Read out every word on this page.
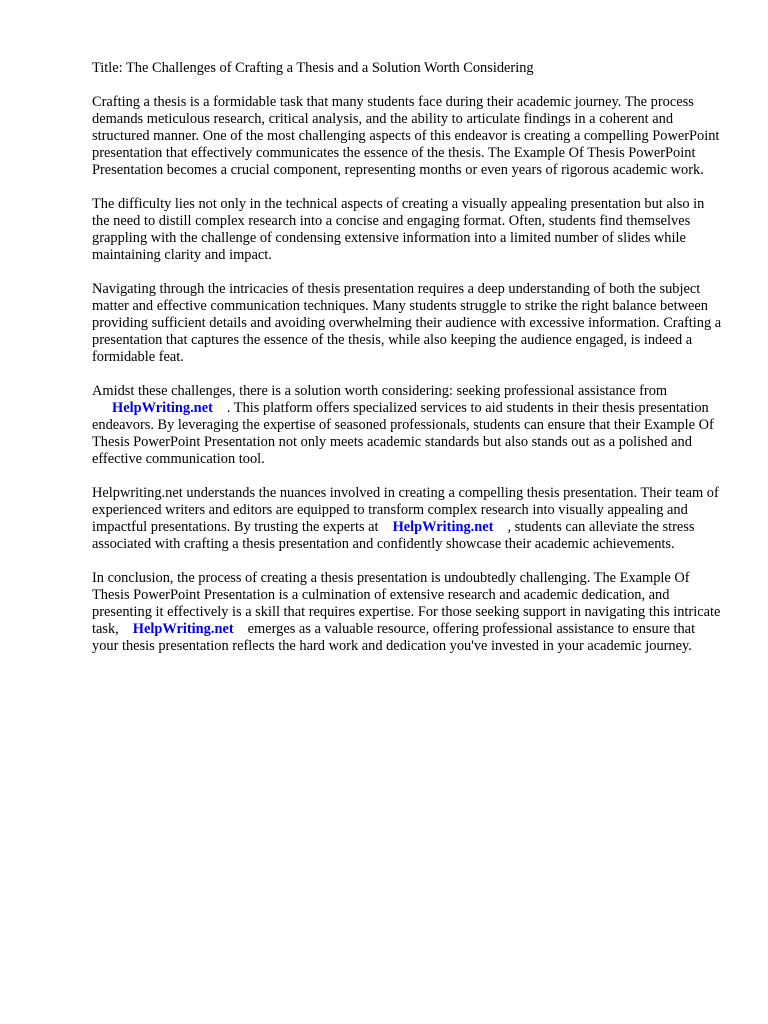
Title: The Challenges of Crafting a Thesis and a Solution Worth Considering

Crafting a thesis is a formidable task that many students face during their academic journey. The process demands meticulous research, critical analysis, and the ability to articulate findings in a coherent and structured manner. One of the most challenging aspects of this endeavor is creating a compelling PowerPoint presentation that effectively communicates the essence of the thesis. The Example Of Thesis PowerPoint Presentation becomes a crucial component, representing months or even years of rigorous academic work.

The difficulty lies not only in the technical aspects of creating a visually appealing presentation but also in the need to distill complex research into a concise and engaging format. Often, students find themselves grappling with the challenge of condensing extensive information into a limited number of slides while maintaining clarity and impact.

Navigating through the intricacies of thesis presentation requires a deep understanding of both the subject matter and effective communication techniques. Many students struggle to strike the right balance between providing sufficient details and avoiding overwhelming their audience with excessive information. Crafting a presentation that captures the essence of the thesis, while also keeping the audience engaged, is indeed a formidable feat.

Amidst these challenges, there is a solution worth considering: seeking professional assistance from
HelpWriting.net . This platform offers specialized services to aid students in their thesis presentation endeavors. By leveraging the expertise of seasoned professionals, students can ensure that their Example Of Thesis PowerPoint Presentation not only meets academic standards but also stands out as a polished and effective communication tool.

Helpwriting.net understands the nuances involved in creating a compelling thesis presentation. Their team of experienced writers and editors are equipped to transform complex research into visually appealing and impactful presentations. By trusting the experts at HelpWriting.net , students can alleviate the stress associated with crafting a thesis presentation and confidently showcase their academic achievements.

In conclusion, the process of creating a thesis presentation is undoubtedly challenging. The Example Of Thesis PowerPoint Presentation is a culmination of extensive research and academic dedication, and presenting it effectively is a skill that requires expertise. For those seeking support in navigating this intricate task, HelpWriting.net emerges as a valuable resource, offering professional assistance to ensure that your thesis presentation reflects the hard work and dedication you've invested in your academic journey.
